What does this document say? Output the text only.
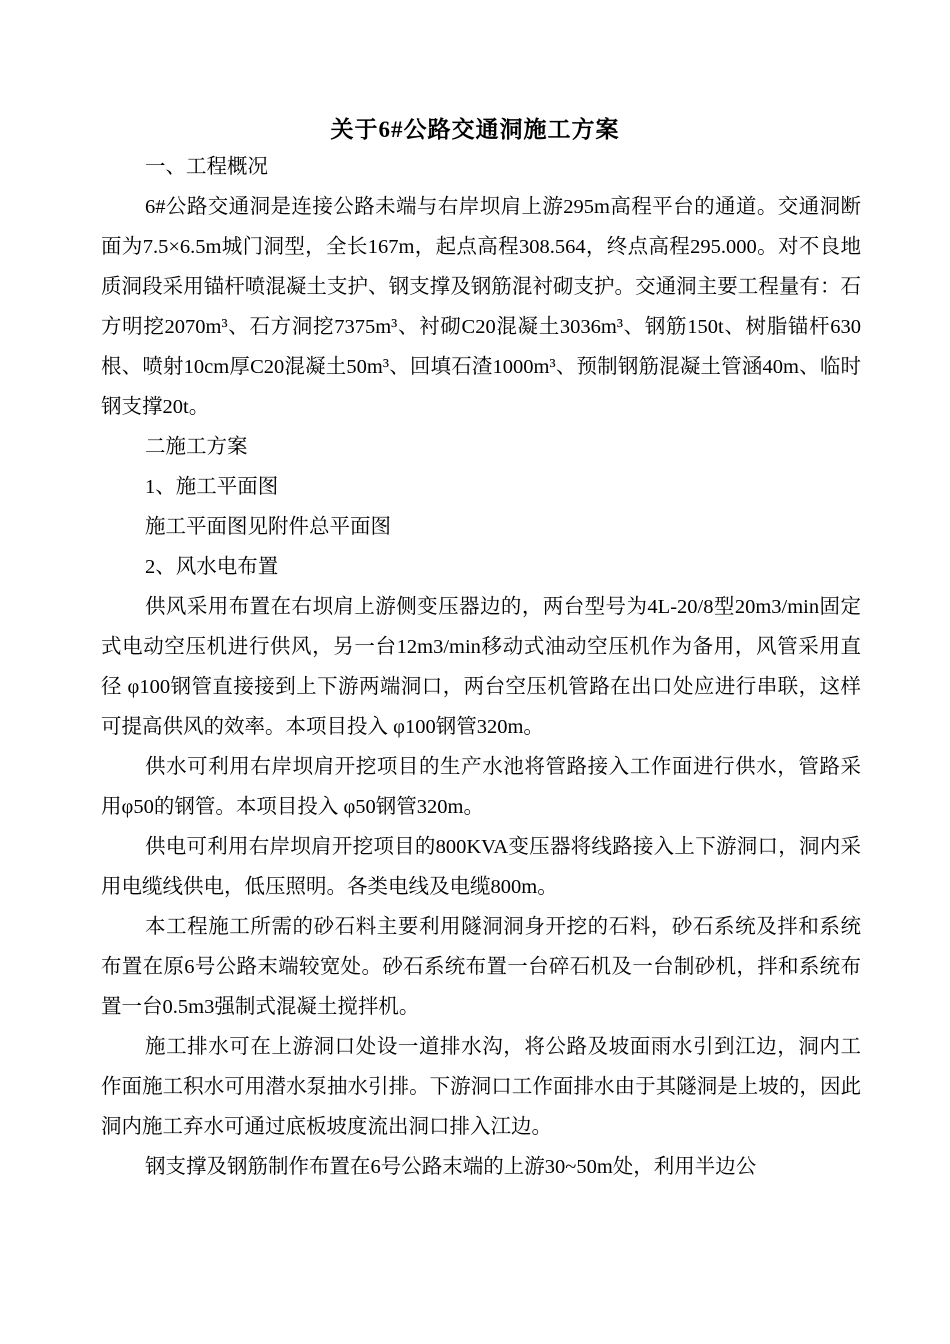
关于6#公路交通洞施工方案

一、工程概况

6#公路交通洞是连接公路未端与右岸坝肩上游295m高程平台的通道。交通洞断面为7.5×6.5m城门洞型，全长167m，起点高程308.564，终点高程295.000。对不良地质洞段采用锚杆喷混凝土支护、钢支撑及钢筋混衬砌支护。交通洞主要工程量有：石方明挖2070m³、石方洞挖7375m³、衬砌C20混凝土3036m³、钢筋150t、树脂锚杆630根、喷射10cm厚C20混凝土50m³、回填石渣1000m³、预制钢筋混凝土管涵40m、临时钢支撑20t。

二施工方案

1、施工平面图

施工平面图见附件总平面图

2、风水电布置

供风采用布置在右坝肩上游侧变压器边的，两台型号为4L-20/8型20m3/min固定式电动空压机进行供风，另一台12m3/min移动式油动空压机作为备用，风管采用直径 φ100钢管直接接到上下游两端洞口，两台空压机管路在出口处应进行串联，这样可提高供风的效率。本项目投入 φ100钢管320m。

供水可利用右岸坝肩开挖项目的生产水池将管路接入工作面进行供水，管路采用φ50的钢管。本项目投入 φ50钢管320m。

供电可利用右岸坝肩开挖项目的800KVA变压器将线路接入上下游洞口，洞内采用电缆线供电，低压照明。各类电线及电缆800m。

本工程施工所需的砂石料主要利用隧洞洞身开挖的石料，砂石系统及拌和系统布置在原6号公路末端较宽处。砂石系统布置一台碎石机及一台制砂机，拌和系统布置一台0.5m3强制式混凝土搅拌机。

施工排水可在上游洞口处设一道排水沟，将公路及坡面雨水引到江边，洞内工作面施工积水可用潜水泵抽水引排。下游洞口工作面排水由于其隧洞是上坡的，因此洞内施工弃水可通过底板坡度流出洞口排入江边。

钢支撑及钢筋制作布置在6号公路末端的上游30~50m处，利用半边公
